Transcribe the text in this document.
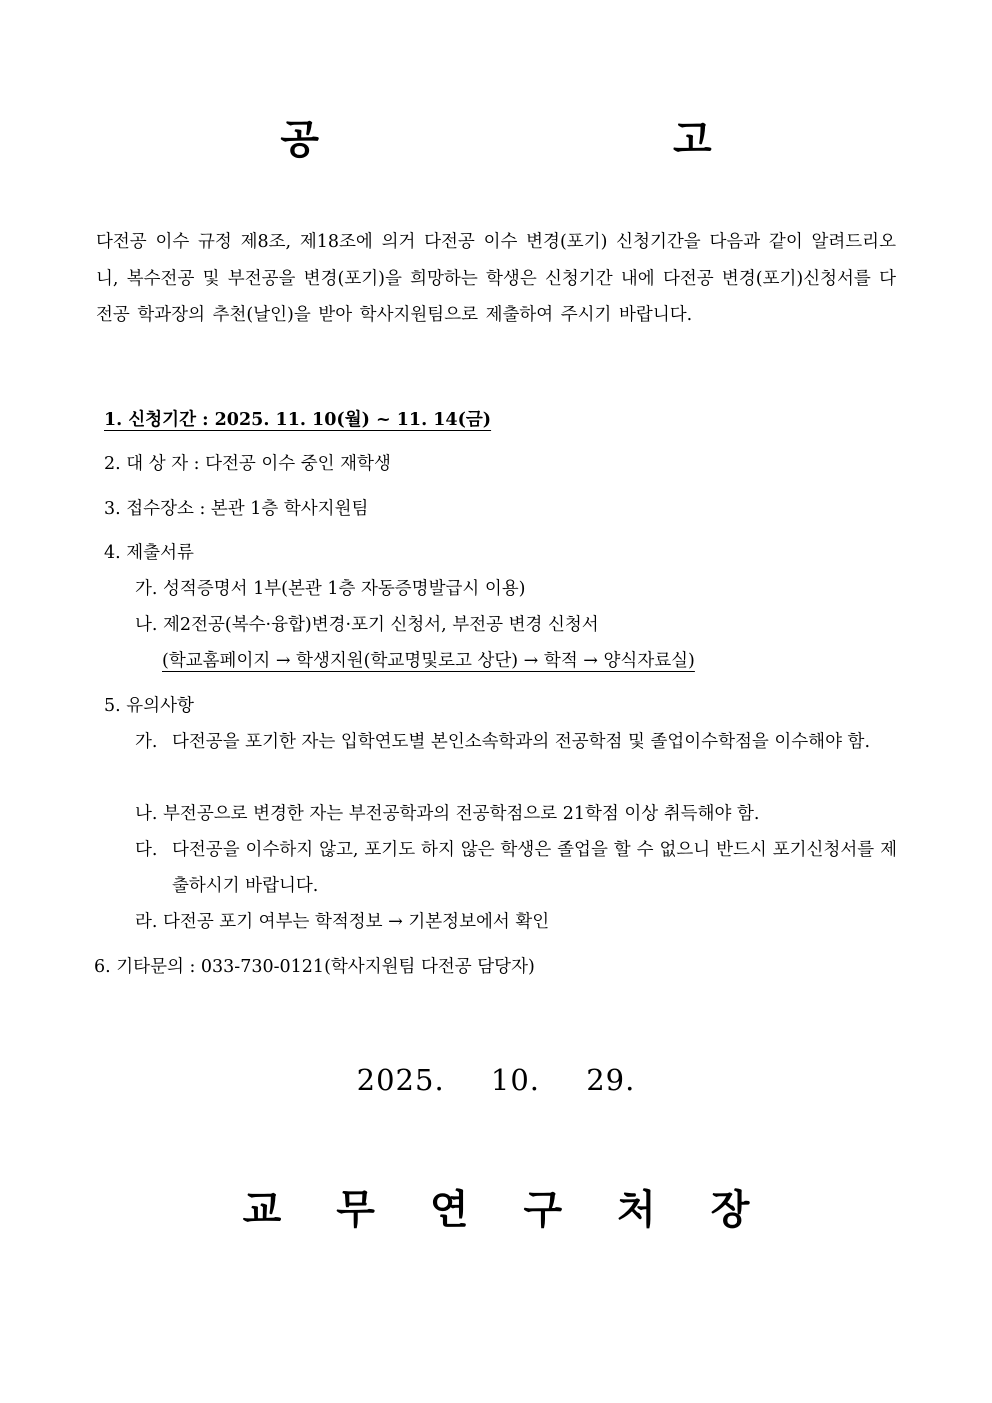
공 고
다전공 이수 규정 제8조, 제18조에 의거 다전공 이수 변경(포기) 신청기간을 다음과 같이 알려드리오니, 복수전공 및 부전공을 변경(포기)을 희망하는 학생은 신청기간 내에 다전공 변경(포기)신청서를 다전공 학과장의 추천(날인)을 받아 학사지원팀으로 제출하여 주시기 바랍니다.
1. 신청기간 : 2025. 11. 10(월) ~ 11. 14(금)
2. 대 상 자 : 다전공 이수 중인 재학생
3. 접수장소 : 본관 1층 학사지원팀
4. 제출서류
가. 성적증명서 1부(본관 1층 자동증명발급시 이용)
나. 제2전공(복수·융합)변경·포기 신청서, 부전공 변경 신청서
(학교홈페이지 → 학생지원(학교명및로고 상단) → 학적 → 양식자료실)
5. 유의사항
가. 다전공을 포기한 자는 입학연도별 본인소속학과의 전공학점 및 졸업이수학점을 이수해야 함.
나. 부전공으로 변경한 자는 부전공학과의 전공학점으로 21학점 이상 취득해야 함.
다. 다전공을 이수하지 않고, 포기도 하지 않은 학생은 졸업을 할 수 없으니 반드시 포기신청서를 제출하시기 바랍니다.
라. 다전공 포기 여부는 학적정보 → 기본정보에서 확인
6. 기타문의 : 033-730-0121(학사지원팀 다전공 담당자)
2025. 10. 29.
교무연구처장
